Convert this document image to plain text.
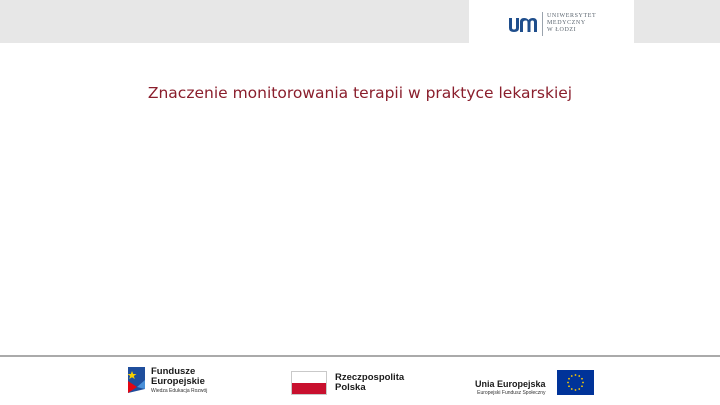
UNIWERSYTET
MEDYCZNY
W ŁODZI
Znaczenie monitorowania terapii w praktyce lekarskiej
Fundusze
Europejskie
Wiedza Edukacja Rozwój
Rzeczpospolita
Polska	Unia Europejska
Europejski Fundusz Społeczny
